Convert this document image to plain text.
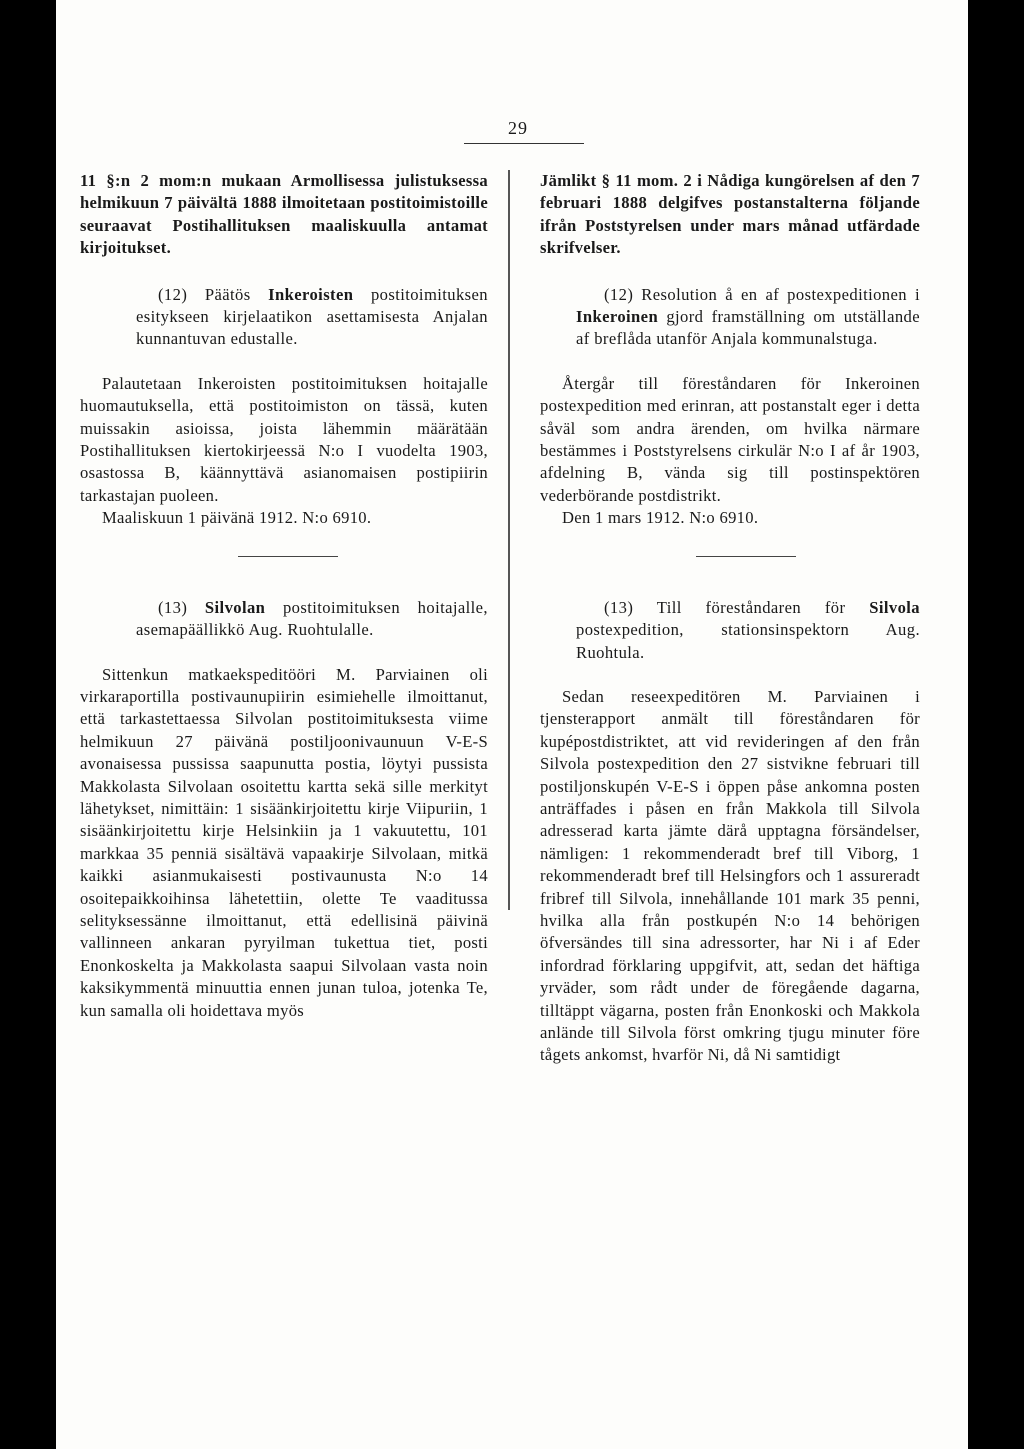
29

11 §:n 2 mom:n mukaan Armollisessa julistuksessa helmikuun 7 päivältä 1888 ilmoitetaan postitoimistoille seuraavat Postihallituksen maaliskuulla antamat kirjoitukset.

(12) Päätös Inkeroisten postitoimituksen esitykseen kirjelaatikon asettamisesta Anjalan kunnantuvan edustalle.

Palautetaan Inkeroisten postitoimituksen hoitajalle huomautuksella, että postitoimiston on tässä, kuten muissakin asioissa, joista lähemmin määrätään Postihallituksen kiertokirjeessä N:o I vuodelta 1903, osastossa B, käännyttävä asianomaisen postipiirin tarkastajan puoleen.

Maaliskuun 1 päivänä 1912. N:o 6910.

(13) Silvolan postitoimituksen hoitajalle, asemapäällikkö Aug. Ruohtulalle.

Sittenkun matkaekspeditööri M. Parviainen oli virkaraportilla postivaunupiirin esimiehelle ilmoittanut, että tarkastettaessa Silvolan postitoimituksesta viime helmikuun 27 päivänä postiljoonivaunuun V-E-S avonaisessa pussissa saapunutta postia, löytyi pussista Makkolasta Silvolaan osoitettu kartta sekä sille merkityt lähetykset, nimittäin: 1 sisäänkirjoitettu kirje Viipuriin, 1 sisäänkirjoitettu kirje Helsinkiin ja 1 vakuutettu, 101 markkaa 35 penniä sisältävä vapaakirje Silvolaan, mitkä kaikki asianmukaisesti postivaunusta N:o 14 osoitepaikkoihinsa lähetettiin, olette Te vaaditussa selityksessänne ilmoittanut, että edellisinä päivinä vallinneen ankaran pyryilman tukettua tiet, posti Enonkoskelta ja Makkolasta saapui Silvolaan vasta noin kaksikymmentä minuuttia ennen junan tuloa, jotenka Te, kun samalla oli hoidettava myös

Jämlikt § 11 mom. 2 i Nådiga kungörelsen af den 7 februari 1888 delgifves postanstalterna följande ifrån Poststyrelsen under mars månad utfärdade skrifvelser.

(12) Resolution å en af postexpeditionen i Inkeroinen gjord framställning om utställande af breflåda utanför Anjala kommunalstuga.

Återgår till föreståndaren för Inkeroinen postexpedition med erinran, att postanstalt eger i detta såväl som andra ärenden, om hvilka närmare bestämmes i Poststyrelsens cirkulär N:o I af år 1903, afdelning B, vända sig till postinspektören vederbörande postdistrikt.

Den 1 mars 1912. N:o 6910.

(13) Till föreståndaren för Silvola postexpedition, stationsinspektorn Aug. Ruohtula.

Sedan reseexpeditören M. Parviainen i tjensterapport anmält till föreståndaren för kupépostdistriktet, att vid revideringen af den från Silvola postexpedition den 27 sistvikne februari till postiljonskupén V-E-S i öppen påse ankomna posten anträffades i påsen en från Makkola till Silvola adresserad karta jämte därå upptagna försändelser, nämligen: 1 rekommenderadt bref till Viborg, 1 rekommenderadt bref till Helsingfors och 1 assureradt fribref till Silvola, innehållande 101 mark 35 penni, hvilka alla från postkupén N:o 14 behörigen öfversändes till sina adressorter, har Ni i af Eder infordrad förklaring uppgifvit, att, sedan det häftiga yrväder, som rådt under de föregående dagarna, tilltäppt vägarna, posten från Enonkoski och Makkola anlände till Silvola först omkring tjugu minuter före tågets ankomst, hvarför Ni, då Ni samtidigt
